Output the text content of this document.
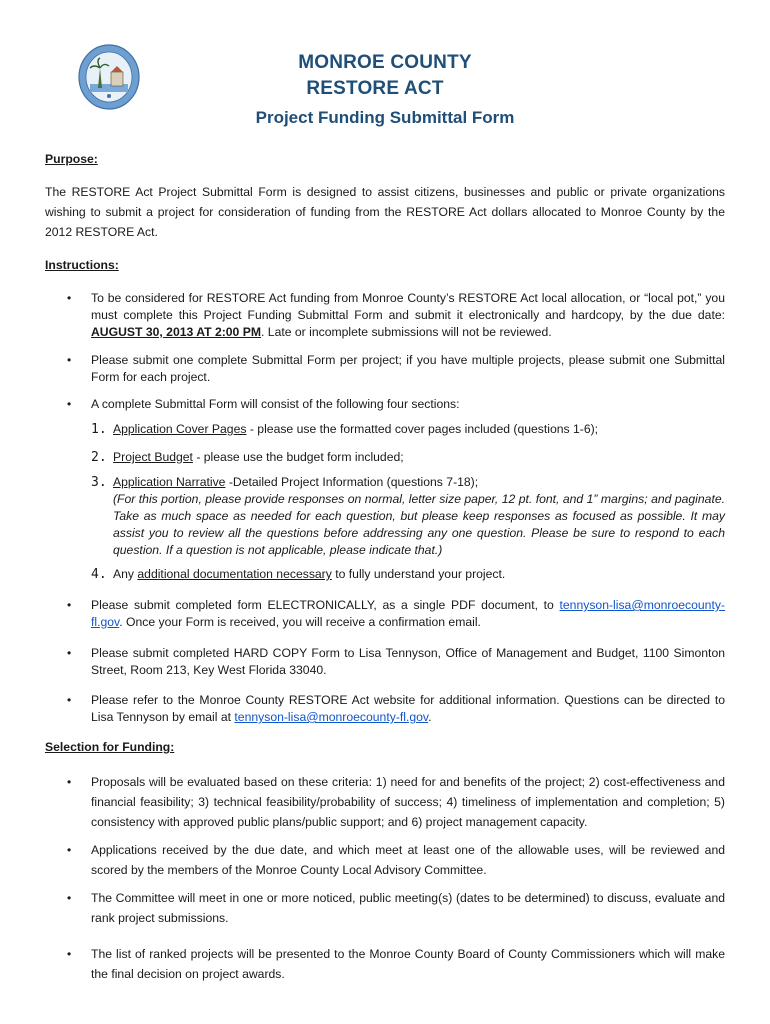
MONROE COUNTY
RESTORE ACT
Project Funding Submittal Form
Purpose:
The RESTORE Act Project Submittal Form is designed to assist citizens, businesses and public or private organizations wishing to submit a project for consideration of funding from the RESTORE Act dollars allocated to Monroe County by the 2012 RESTORE Act.
Instructions:
• To be considered for RESTORE Act funding from Monroe County’s RESTORE Act local allocation, or “local pot,” you must complete this Project Funding Submittal Form and submit it electronically and hardcopy, by the due date: AUGUST 30, 2013 AT 2:00 PM. Late or incomplete submissions will not be reviewed.
• Please submit one complete Submittal Form per project; if you have multiple projects, please submit one Submittal Form for each project.
• A complete Submittal Form will consist of the following four sections:
1. Application Cover Pages - please use the formatted cover pages included (questions 1-6);
2. Project Budget - please use the budget form included;
3. Application Narrative -Detailed Project Information (questions 7-18);
(For this portion, please provide responses on normal, letter size paper, 12 pt. font, and 1” margins; and paginate. Take as much space as needed for each question, but please keep responses as focused as possible. It may assist you to review all the questions before addressing any one question. Please be sure to respond to each question. If a question is not applicable, please indicate that.)
4. Any additional documentation necessary to fully understand your project.
• Please submit completed form ELECTRONICALLY, as a single PDF document, to tennyson-lisa@monroecounty-fl.gov. Once your Form is received, you will receive a confirmation email.
• Please submit completed HARD COPY Form to Lisa Tennyson, Office of Management and Budget, 1100 Simonton Street, Room 213, Key West Florida 33040.
• Please refer to the Monroe County RESTORE Act website for additional information. Questions can be directed to Lisa Tennyson by email at tennyson-lisa@monroecounty-fl.gov.
Selection for Funding:
• Proposals will be evaluated based on these criteria: 1) need for and benefits of the project; 2) cost-effectiveness and financial feasibility; 3) technical feasibility/probability of success; 4) timeliness of implementation and completion; 5) consistency with approved public plans/public support; and 6) project management capacity.
• Applications received by the due date, and which meet at least one of the allowable uses, will be reviewed and scored by the members of the Monroe County Local Advisory Committee.
• The Committee will meet in one or more noticed, public meeting(s) (dates to be determined) to discuss, evaluate and rank project submissions.
• The list of ranked projects will be presented to the Monroe County Board of County Commissioners which will make the final decision on project awards.
